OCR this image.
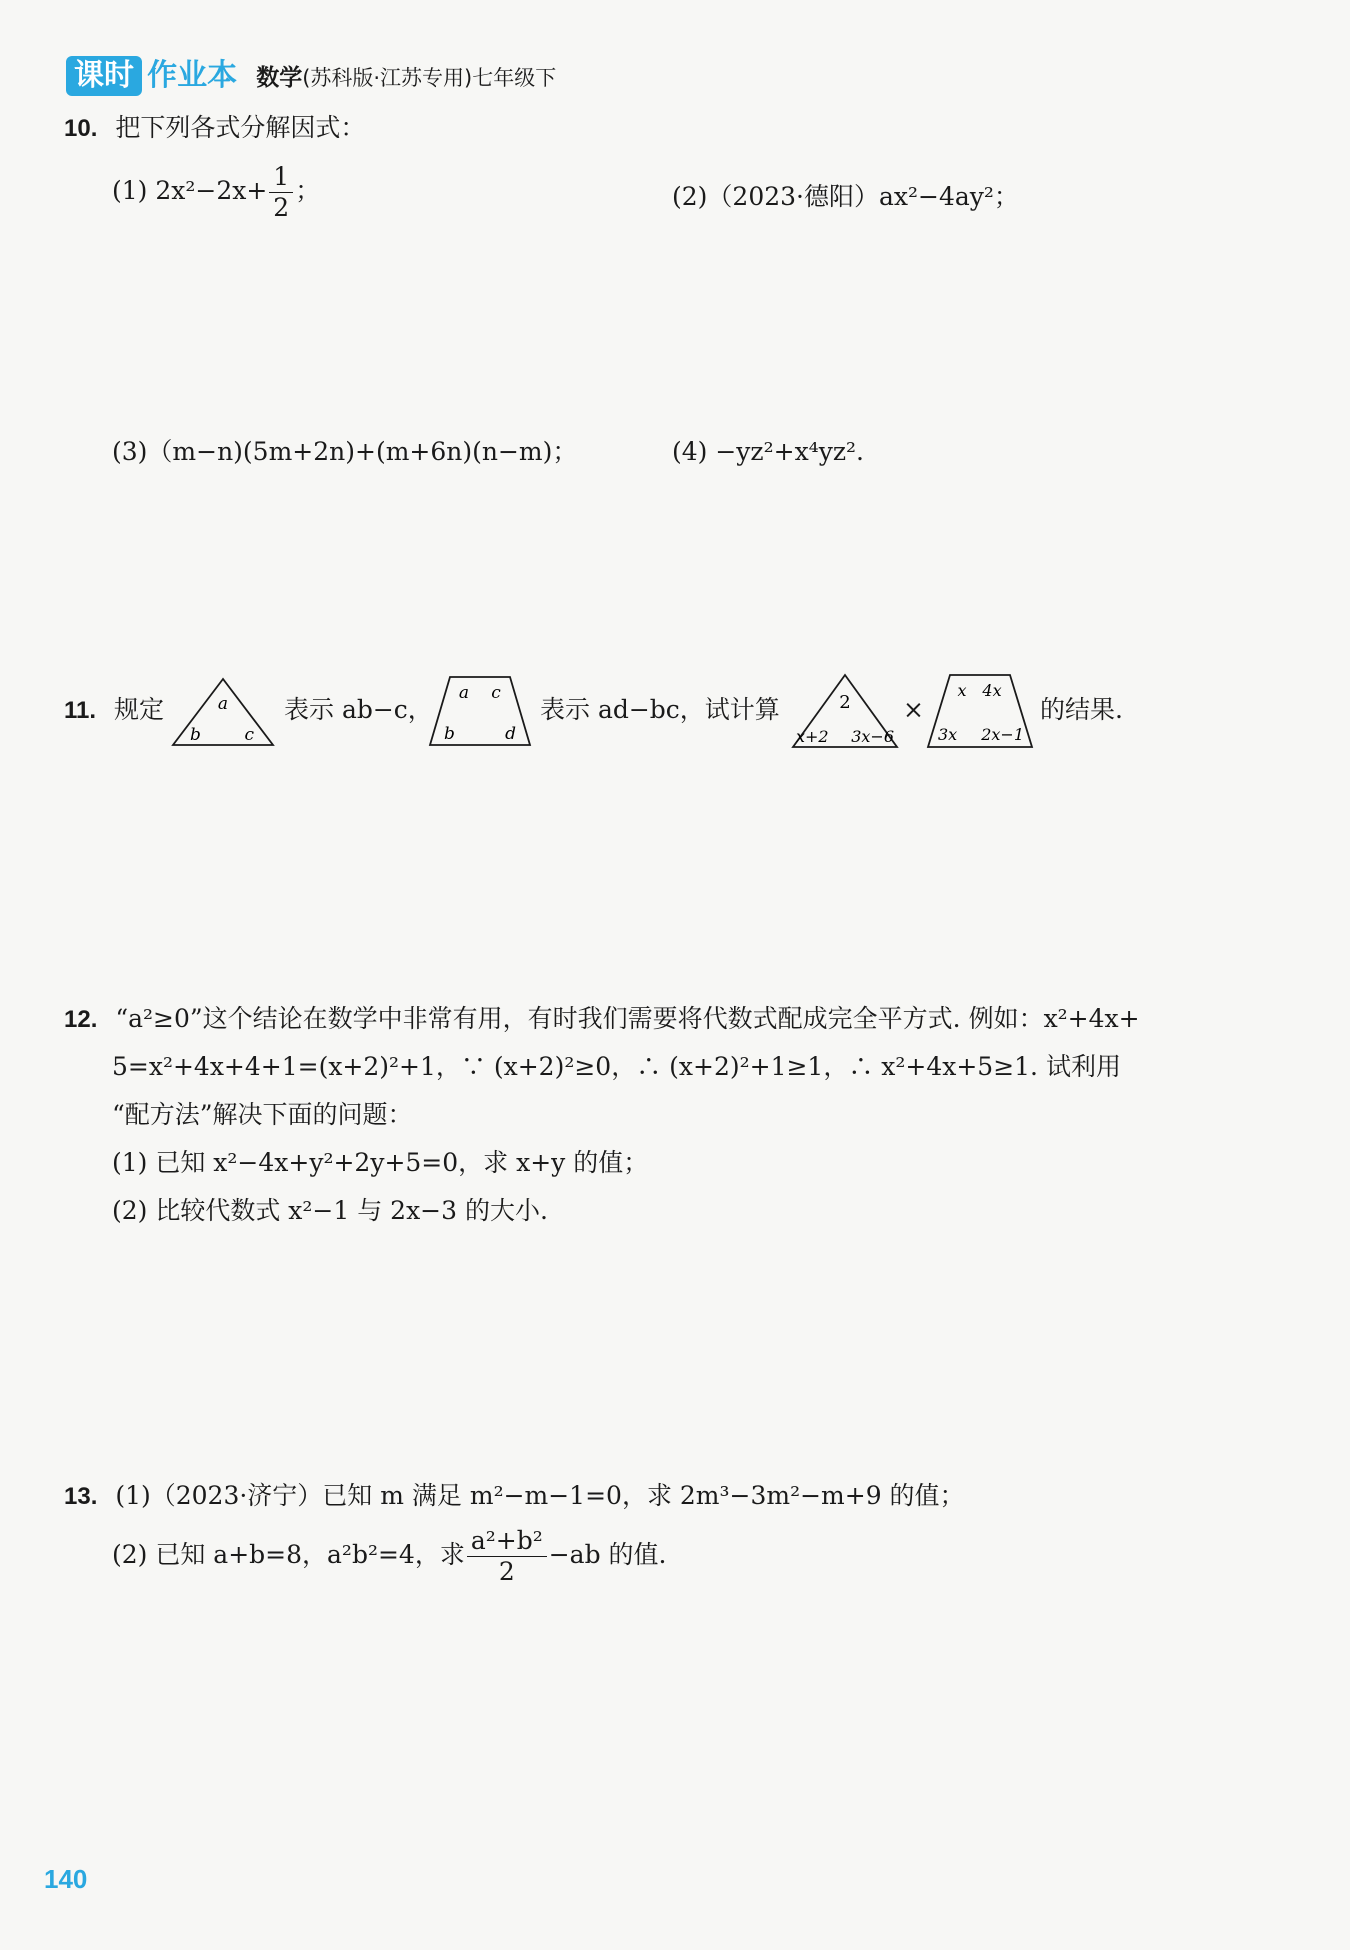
课时 作业本 数学(苏科版·江苏专用)七年级下
10. 把下列各式分解因式：
(1) $2x^2-2x+ \frac{1}{2}$ ；	(2)（2023·德阳）ax²−4ay²；
(3)（m−n)(5m+2n)+(m+6n)(n−m)；	(4) −yz²+x⁴yz².
11. 规定	a
b	c
表示 ab−c，
a c
b	d
表示 ad−bc，试计算	2
x+2 3x−6
×
x 4x
3x 2x−1
的结果.
12. “a²≥0”这个结论在数学中非常有用，有时我们需要将代数式配成完全平方式. 例如：x²+4x+
5=x²+4x+4+1=(x+2)²+1，∵ (x+2)²≥0，∴ (x+2)²+1≥1，∴ x²+4x+5≥1. 试利用
“配方法”解决下面的问题：
(1) 已知 x²−4x+y²+2y+5=0，求 x+y 的值；
(2) 比较代数式 x²−1 与 2x−3 的大小.
13. (1)（2023·济宁）已知 m 满足 m²−m−1=0，求 2m³−3m²−m+9 的值；
(2) 已知 a+b=8，a²b²=4，求 $\frac{\text{a²+b²}}{2} -ab$ 的值.
140
